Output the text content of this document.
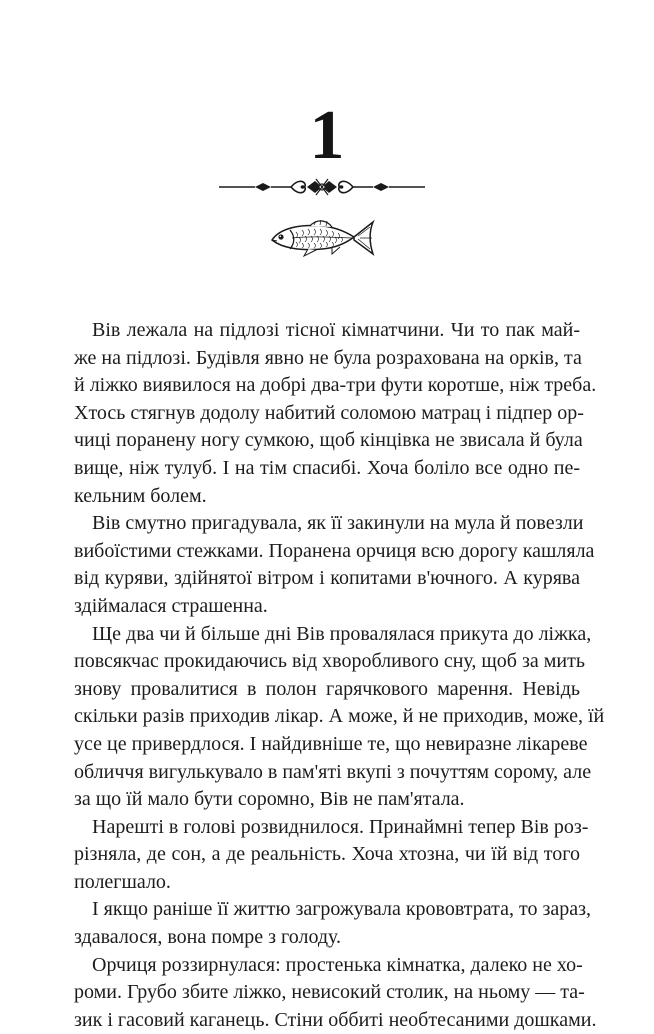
1
Вів лежала на підлозі тісної кімнатчини. Чи то пак май-
же на підлозі. Будівля явно не була розрахована на орків, та
й ліжко виявилося на добрі два-три фути коротше, ніж треба.
Хтось стягнув додолу набитий соломою матрац і підпер ор-
чиці поранену ногу сумкою, щоб кінцівка не звисала й була
вище, ніж тулуб. І на тім спасибі. Хоча боліло все одно пе-
кельним болем.
Вів смутно пригадувала, як її закинули на мула й повезли
вибоїстими стежками. Поранена орчиця всю дорогу кашляла
від куряви, здійнятої вітром і копитами в'ючного. А курява
здіймалася страшенна.
Ще два чи й більше дні Вів провалялася прикута до ліжка,
повсякчас прокидаючись від хворобливого сну, щоб за мить
знову провалитися в полон гарячкового марення. Невідь
скільки разів приходив лікар. А може, й не приходив, може, їй
усе це привердлося. І найдивніше те, що невиразне лікареве
обличчя вигулькувало в пам'яті вкупі з почуттям сорому, але
за що їй мало бути соромно, Вів не пам'ятала.
Нарешті в голові розвиднилося. Принаймні тепер Вів роз-
різняла, де сон, а де реальність. Хоча хтозна, чи їй від того
полегшало.
І якщо раніше її життю загрожувала крововтрата, то зараз,
здавалося, вона помре з голоду.
Орчиця роззирнулася: простенька кімнатка, далеко не хо-
роми. Грубо збите ліжко, невисокий столик, на ньому — та-
зик і гасовий каганець. Стіни оббиті необтесаними дошками.
